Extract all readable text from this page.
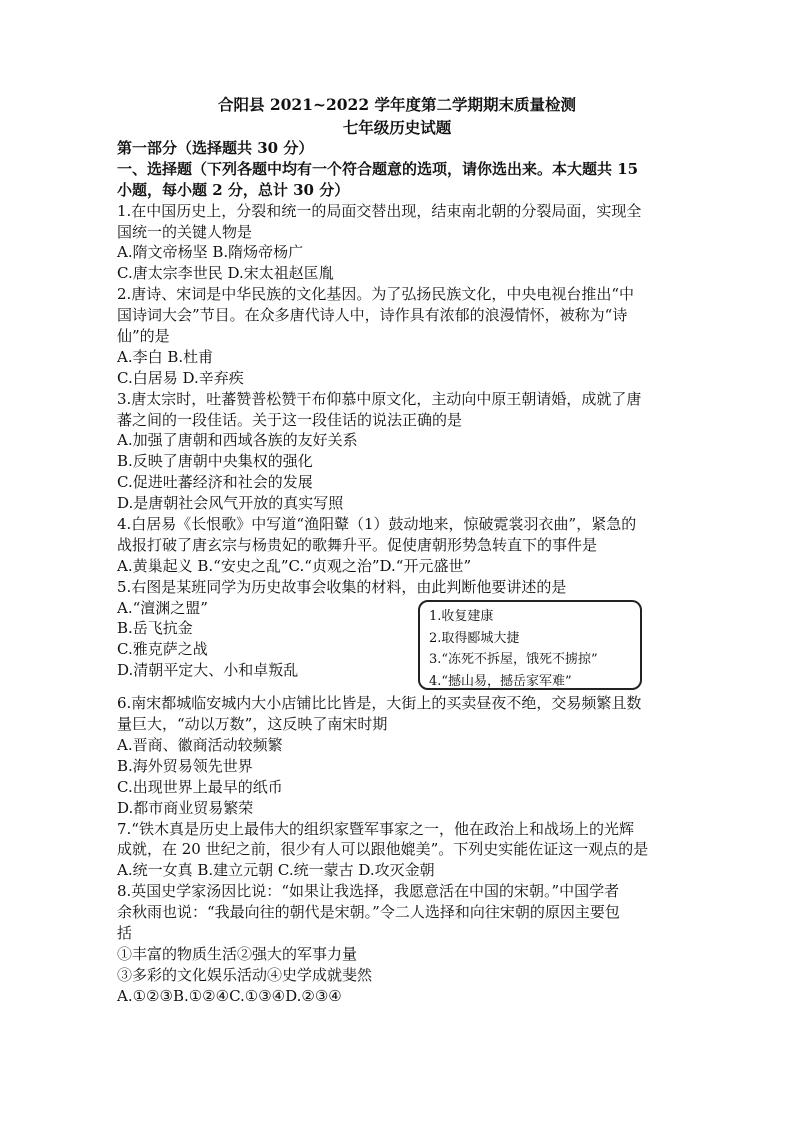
合阳县 2021~2022 学年度第二学期期末质量检测
七年级历史试题
第一部分（选择题共 30 分）
一、选择题（下列各题中均有一个符合题意的选项，请你选出来。本大题共 15
小题，每小题 2 分，总计 30 分）
1.在中国历史上，分裂和统一的局面交替出现，结束南北朝的分裂局面，实现全
国统一的关键人物是
A.隋文帝杨坚 B.隋炀帝杨广
C.唐太宗李世民 D.宋太祖赵匡胤
2.唐诗、宋词是中华民族的文化基因。为了弘扬民族文化，中央电视台推出“中
国诗词大会”节目。在众多唐代诗人中，诗作具有浓郁的浪漫情怀，被称为“诗
仙”的是
A.李白 B.杜甫
C.白居易 D.辛弃疾
3.唐太宗时，吐蕃赞普松赞干布仰慕中原文化，主动向中原王朝请婚，成就了唐
蕃之间的一段佳话。关于这一段佳话的说法正确的是
A.加强了唐朝和西域各族的友好关系
B.反映了唐朝中央集权的强化
C.促进吐蕃经济和社会的发展
D.是唐朝社会风气开放的真实写照
4.白居易《长恨歌》中写道“渔阳鼙（1）鼓动地来，惊破霓裳羽衣曲”，紧急的
战报打破了唐玄宗与杨贵妃的歌舞升平。促使唐朝形势急转直下的事件是
A.黄巢起义 B.“安史之乱”C.“贞观之治”D.“开元盛世”
5.右图是某班同学为历史故事会收集的材料，由此判断他要讲述的是
A.“澶渊之盟”
B.岳飞抗金
C.雅克萨之战
D.清朝平定大、小和卓叛乱
6.南宋都城临安城内大小店铺比比皆是，大街上的买卖昼夜不绝，交易频繁且数
量巨大，“动以万数”，这反映了南宋时期
A.晋商、徽商活动较频繁
B.海外贸易领先世界
C.出现世界上最早的纸币
D.都市商业贸易繁荣
7.“铁木真是历史上最伟大的组织家暨军事家之一，他在政治上和战场上的光辉
成就，在 20 世纪之前，很少有人可以跟他媲美”。下列史实能佐证这一观点的是
A.统一女真 B.建立元朝 C.统一蒙古 D.攻灭金朝
8.英国史学家汤因比说：“如果让我选择，我愿意活在中国的宋朝。”中国学者
余秋雨也说：“我最向往的朝代是宋朝。”令二人选择和向往宋朝的原因主要包
括
①丰富的物质生活②强大的军事力量
③多彩的文化娱乐活动④史学成就斐然
A.①②③B.①②④C.①③④D.②③④
1.收复建康
2.取得郾城大捷
3.“冻死不拆屋，饿死不掳掠”
4.“撼山易，撼岳家军难”
